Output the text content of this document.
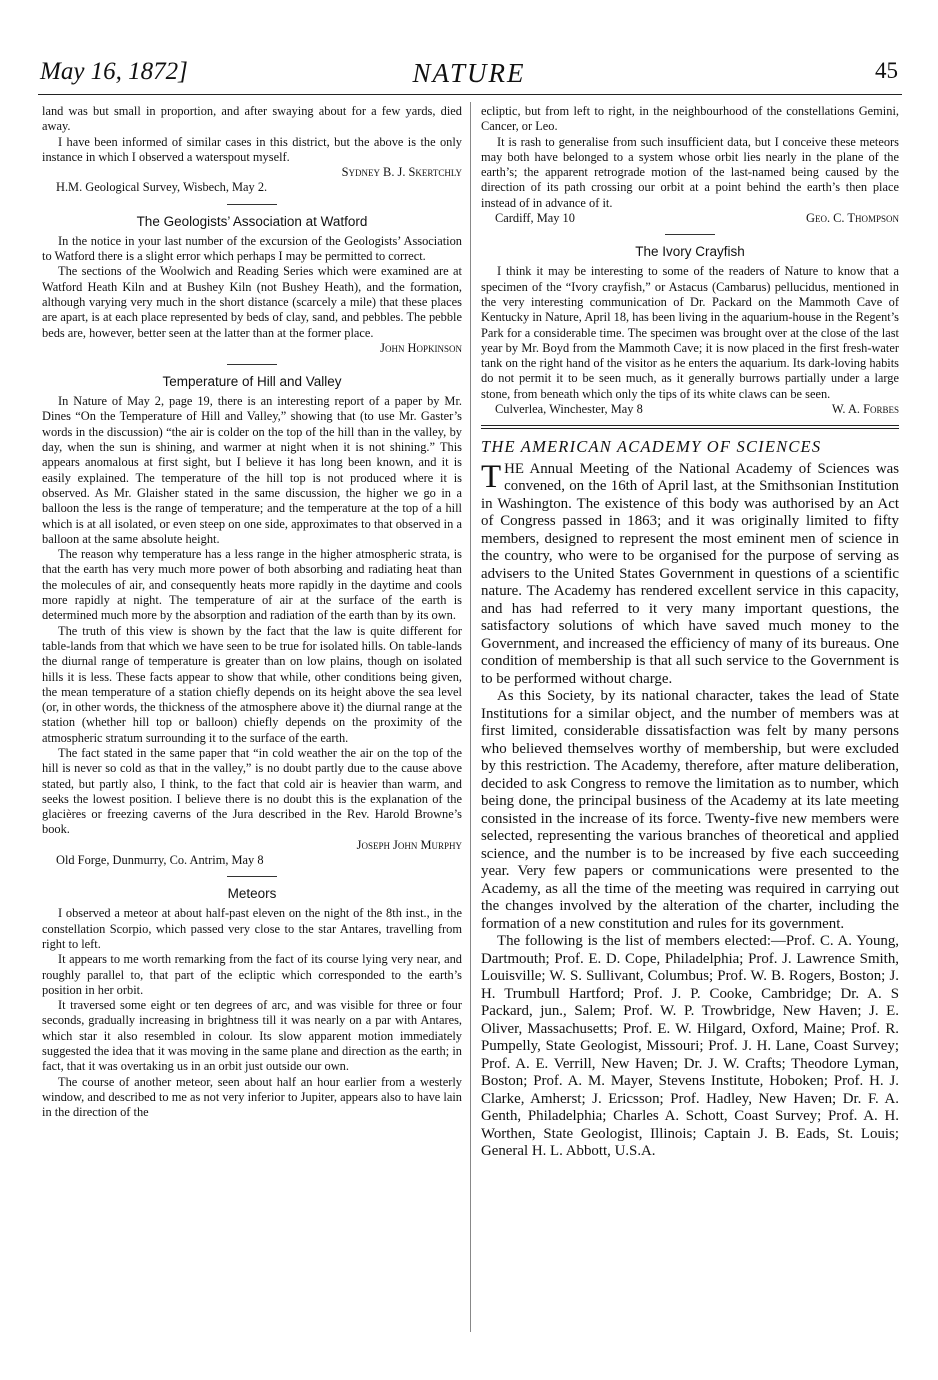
May 16, 1872]	NATURE	45

land was but small in proportion, and after swaying about for a few yards, died away.

I have been informed of similar cases in this district, but the above is the only instance in which I observed a waterspout myself.

Sydney B. J. Skertchly

H.M. Geological Survey, Wisbech, May 2.

The Geologists’ Association at Watford

In the notice in your last number of the excursion of the Geologists’ Association to Watford there is a slight error which perhaps I may be permitted to correct.

The sections of the Woolwich and Reading Series which were examined are at Watford Heath Kiln and at Bushey Kiln (not Bushey Heath), and the formation, although varying very much in the short distance (scarcely a mile) that these places are apart, is at each place represented by beds of clay, sand, and pebbles. The pebble beds are, however, better seen at the latter than at the former place.

John Hopkinson

Temperature of Hill and Valley

In Nature of May 2, page 19, there is an interesting report of a paper by Mr. Dines “On the Temperature of Hill and Valley,” showing that (to use Mr. Gaster’s words in the discussion) “the air is colder on the top of the hill than in the valley, by day, when the sun is shining, and warmer at night when it is not shining.” This appears anomalous at first sight, but I believe it has long been known, and it is easily explained. The temperature of the hill top is not produced where it is observed. As Mr. Glaisher stated in the same discussion, the higher we go in a balloon the less is the range of temperature; and the temperature at the top of a hill which is at all isolated, or even steep on one side, approximates to that observed in a balloon at the same absolute height.

The reason why temperature has a less range in the higher atmospheric strata, is that the earth has very much more power of both absorbing and radiating heat than the molecules of air, and consequently heats more rapidly in the daytime and cools more rapidly at night. The temperature of air at the surface of the earth is determined much more by the absorption and radiation of the earth than by its own.

The truth of this view is shown by the fact that the law is quite different for table-lands from that which we have seen to be true for isolated hills. On table-lands the diurnal range of temperature is greater than on low plains, though on isolated hills it is less. These facts appear to show that while, other conditions being given, the mean temperature of a station chiefly depends on its height above the sea level (or, in other words, the thickness of the atmosphere above it) the diurnal range at the station (whether hill top or balloon) chiefly depends on the proximity of the atmospheric stratum surrounding it to the surface of the earth.

The fact stated in the same paper that “in cold weather the air on the top of the hill is never so cold as that in the valley,” is no doubt partly due to the cause above stated, but partly also, I think, to the fact that cold air is heavier than warm, and seeks the lowest position. I believe there is no doubt this is the explanation of the glacières or freezing caverns of the Jura described in the Rev. Harold Browne’s book.

Joseph John Murphy

Old Forge, Dunmurry, Co. Antrim, May 8

Meteors

I observed a meteor at about half-past eleven on the night of the 8th inst., in the constellation Scorpio, which passed very close to the star Antares, travelling from right to left.

It appears to me worth remarking from the fact of its course lying very near, and roughly parallel to, that part of the ecliptic which corresponded to the earth’s position in her orbit.

It traversed some eight or ten degrees of arc, and was visible for three or four seconds, gradually increasing in brightness till it was nearly on a par with Antares, which star it also resembled in colour. Its slow apparent motion immediately suggested the idea that it was moving in the same plane and direction as the earth; in fact, that it was overtaking us in an orbit just outside our own.

The course of another meteor, seen about half an hour earlier from a westerly window, and described to me as not very inferior to Jupiter, appears also to have lain in the direction of the

ecliptic, but from left to right, in the neighbourhood of the constellations Gemini, Cancer, or Leo.

It is rash to generalise from such insufficient data, but I conceive these meteors may both have belonged to a system whose orbit lies nearly in the plane of the earth’s; the apparent retrograde motion of the last-named being caused by the direction of its path crossing our orbit at a point behind the earth’s then place instead of in advance of it.

Cardiff, May 10	Geo. C. Thompson
The Ivory Crayfish

I think it may be interesting to some of the readers of Nature to know that a specimen of the “Ivory crayfish,” or Astacus (Cambarus) pellucidus, mentioned in the very interesting communication of Dr. Packard on the Mammoth Cave of Kentucky in Nature, April 18, has been living in the aquarium-house in the Regent’s Park for a considerable time. The specimen was brought over at the close of the last year by Mr. Boyd from the Mammoth Cave; it is now placed in the first fresh-water tank on the right hand of the visitor as he enters the aquarium. Its dark-loving habits do not permit it to be seen much, as it generally burrows partially under a large stone, from beneath which only the tips of its white claws can be seen.

Culverlea, Winchester, May 8	W. A. Forbes
THE AMERICAN ACADEMY OF SCIENCES

THE Annual Meeting of the National Academy of Sciences was convened, on the 16th of April last, at the Smithsonian Institution in Washington. The existence of this body was authorised by an Act of Congress passed in 1863; and it was originally limited to fifty members, designed to represent the most eminent men of science in the country, who were to be organised for the purpose of serving as advisers to the United States Government in questions of a scientific nature. The Academy has rendered excellent service in this capacity, and has had referred to it very many important questions, the satisfactory solutions of which have saved much money to the Government, and increased the efficiency of many of its bureaus. One condition of membership is that all such service to the Government is to be performed without charge.

As this Society, by its national character, takes the lead of State Institutions for a similar object, and the number of members was at first limited, considerable dissatisfaction was felt by many persons who believed themselves worthy of membership, but were excluded by this restriction. The Academy, therefore, after mature deliberation, decided to ask Congress to remove the limitation as to number, which being done, the principal business of the Academy at its late meeting consisted in the increase of its force. Twenty-five new members were selected, representing the various branches of theoretical and applied science, and the number is to be increased by five each succeeding year. Very few papers or communications were presented to the Academy, as all the time of the meeting was required in carrying out the changes involved by the alteration of the charter, including the formation of a new constitution and rules for its government.

The following is the list of members elected:—Prof. C. A. Young, Dartmouth; Prof. E. D. Cope, Philadelphia; Prof. J. Lawrence Smith, Louisville; W. S. Sullivant, Columbus; Prof. W. B. Rogers, Boston; J. H. Trumbull Hartford; Prof. J. P. Cooke, Cambridge; Dr. A. S Packard, jun., Salem; Prof. W. P. Trowbridge, New Haven; J. E. Oliver, Massachusetts; Prof. E. W. Hilgard, Oxford, Maine; Prof. R. Pumpelly, State Geologist, Missouri; Prof. J. H. Lane, Coast Survey; Prof. A. E. Verrill, New Haven; Dr. J. W. Crafts; Theodore Lyman, Boston; Prof. A. M. Mayer, Stevens Institute, Hoboken; Prof. H. J. Clarke, Amherst; J. Ericsson; Prof. Hadley, New Haven; Dr. F. A. Genth, Philadelphia; Charles A. Schott, Coast Survey; Prof. A. H. Worthen, State Geologist, Illinois; Captain J. B. Eads, St. Louis; General H. L. Abbott, U.S.A.
